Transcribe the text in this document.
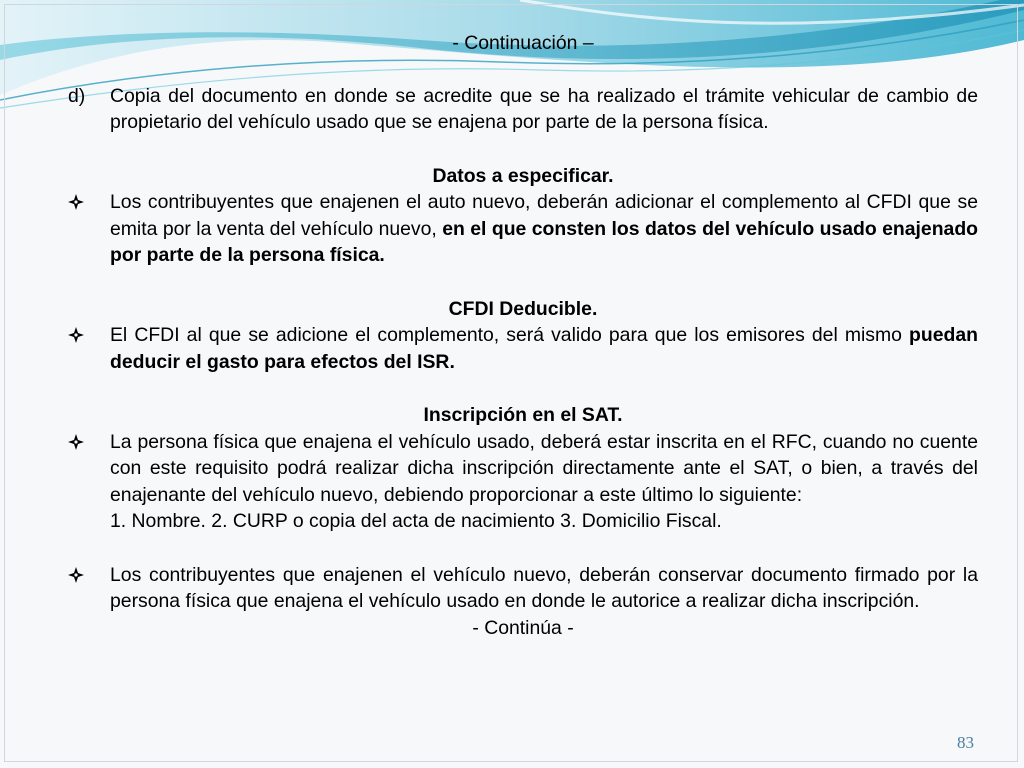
- Continuación –
d)	Copia del documento en donde se acredite que se ha realizado el trámite vehicular de cambio de propietario del vehículo usado que se enajena por parte de la persona física.
Datos a especificar.
Los contribuyentes que enajenen el auto nuevo, deberán adicionar el complemento al CFDI que se emita por la venta del vehículo nuevo, en el que consten los datos del vehículo usado enajenado por parte de la persona física.
CFDI Deducible.
El CFDI al que se adicione el complemento, será valido para que los emisores del mismo puedan deducir el gasto para efectos del ISR.
Inscripción en el SAT.
La persona física que enajena el vehículo usado, deberá estar inscrita en el RFC, cuando no cuente con este requisito podrá realizar dicha inscripción directamente ante el SAT, o bien, a través del enajenante del vehículo nuevo, debiendo proporcionar a este último lo siguiente:
1. Nombre. 2. CURP o copia del acta de nacimiento 3. Domicilio Fiscal.
Los contribuyentes que enajenen el vehículo nuevo, deberán conservar documento firmado por la persona física que enajena el vehículo usado en donde le autorice a realizar dicha inscripción.
- Continúa -
83
